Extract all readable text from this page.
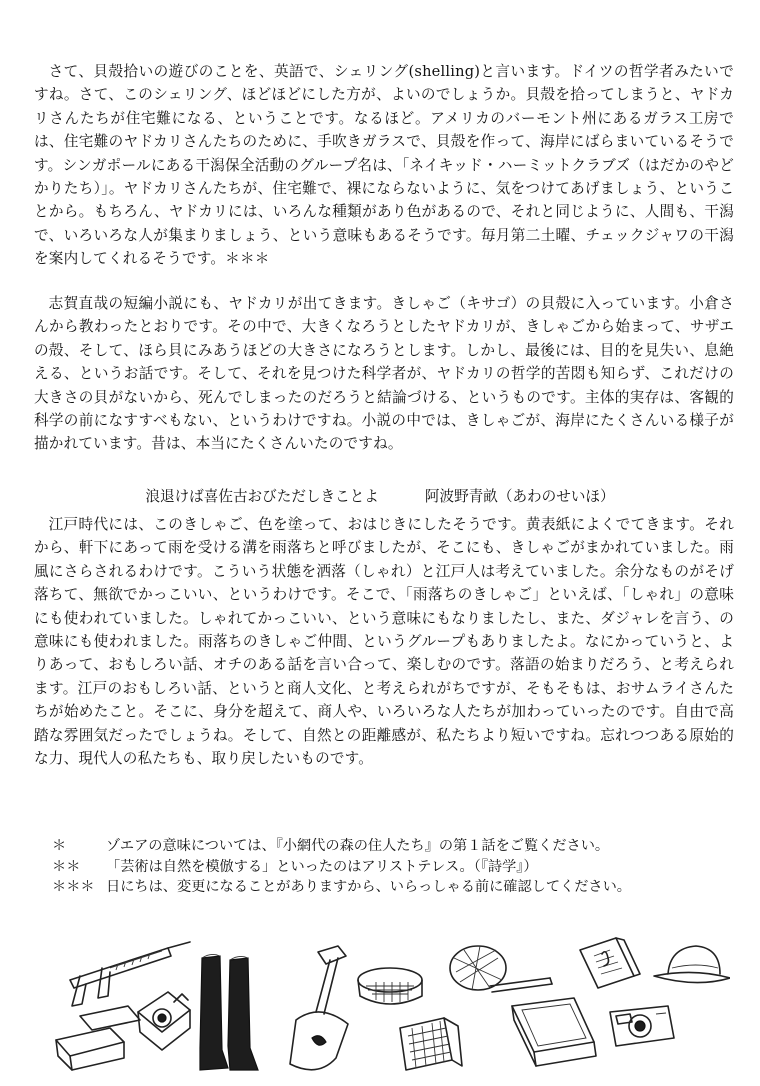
さて、貝殻拾いの遊びのことを、英語で、シェリング(shelling)と言います。ドイツの哲学者みたいですね。さて、このシェリング、ほどほどにした方が、よいのでしょうか。貝殻を拾ってしまうと、ヤドカリさんたちが住宅難になる、ということです。なるほど。アメリカのバーモント州にあるガラス工房では、住宅難のヤドカリさんたちのために、手吹きガラスで、貝殻を作って、海岸にばらまいているそうです。シンガポールにある干潟保全活動のグループ名は、「ネイキッド・ハーミットクラブズ（はだかのやどかりたち）」。ヤドカリさんたちが、住宅難で、裸にならないように、気をつけてあげましょう、ということから。もちろん、ヤドカリには、いろんな種類があり色があるので、それと同じように、人間も、干潟で、いろいろな人が集まりましょう、という意味もあるそうです。毎月第二土曜、チェックジャワの干潟を案内してくれるそうです。＊＊＊

志賀直哉の短編小説にも、ヤドカリが出てきます。きしゃご（キサゴ）の貝殻に入っています。小倉さんから教わったとおりです。その中で、大きくなろうとしたヤドカリが、きしゃごから始まって、サザエの殻、そして、ほら貝にみあうほどの大きさになろうとします。しかし、最後には、目的を見失い、息絶える、というお話です。そして、それを見つけた科学者が、ヤドカリの哲学的苦悶も知らず、これだけの大きさの貝がないから、死んでしまったのだろうと結論づける、というものです。主体的実存は、客観的科学の前になすすべもない、というわけですね。小説の中では、きしゃごが、海岸にたくさんいる様子が描かれています。昔は、本当にたくさんいたのですね。

浪退けば喜佐古おびただしきことよ	阿波野青畝（あわのせいほ）

江戸時代には、このきしゃご、色を塗って、おはじきにしたそうです。黄表紙によくでてきます。それから、軒下にあって雨を受ける溝を雨落ちと呼びましたが、そこにも、きしゃごがまかれていました。雨風にさらされるわけです。こういう状態を洒落（しゃれ）と江戸人は考えていました。余分なものがそげ落ちて、無欲でかっこいい、というわけです。そこで、「雨落ちのきしゃご」といえば、「しゃれ」の意味にも使われていました。しゃれてかっこいい、という意味にもなりましたし、また、ダジャレを言う、の意味にも使われました。雨落ちのきしゃご仲間、というグループもありましたよ。なにかっていうと、よりあって、おもしろい話、オチのある話を言い合って、楽しむのです。落語の始まりだろう、と考えられます。江戸のおもしろい話、というと商人文化、と考えられがちですが、そもそもは、おサムライさんたちが始めたこと。そこに、身分を超えて、商人や、いろいろな人たちが加わっていったのです。自由で高踏な雰囲気だったでしょうね。そして、自然との距離感が、私たちより短いですね。忘れつつある原始的な力、現代人の私たちも、取り戻したいものです。

＊	ゾエアの意味については、『小網代の森の住人たち』の第１話をご覧ください。
＊＊ 「芸術は自然を模倣する」といったのはアリストテレス。（『詩学』）
＊＊＊ 日にちは、変更になることがありますから、いらっしゃる前に確認してください。
